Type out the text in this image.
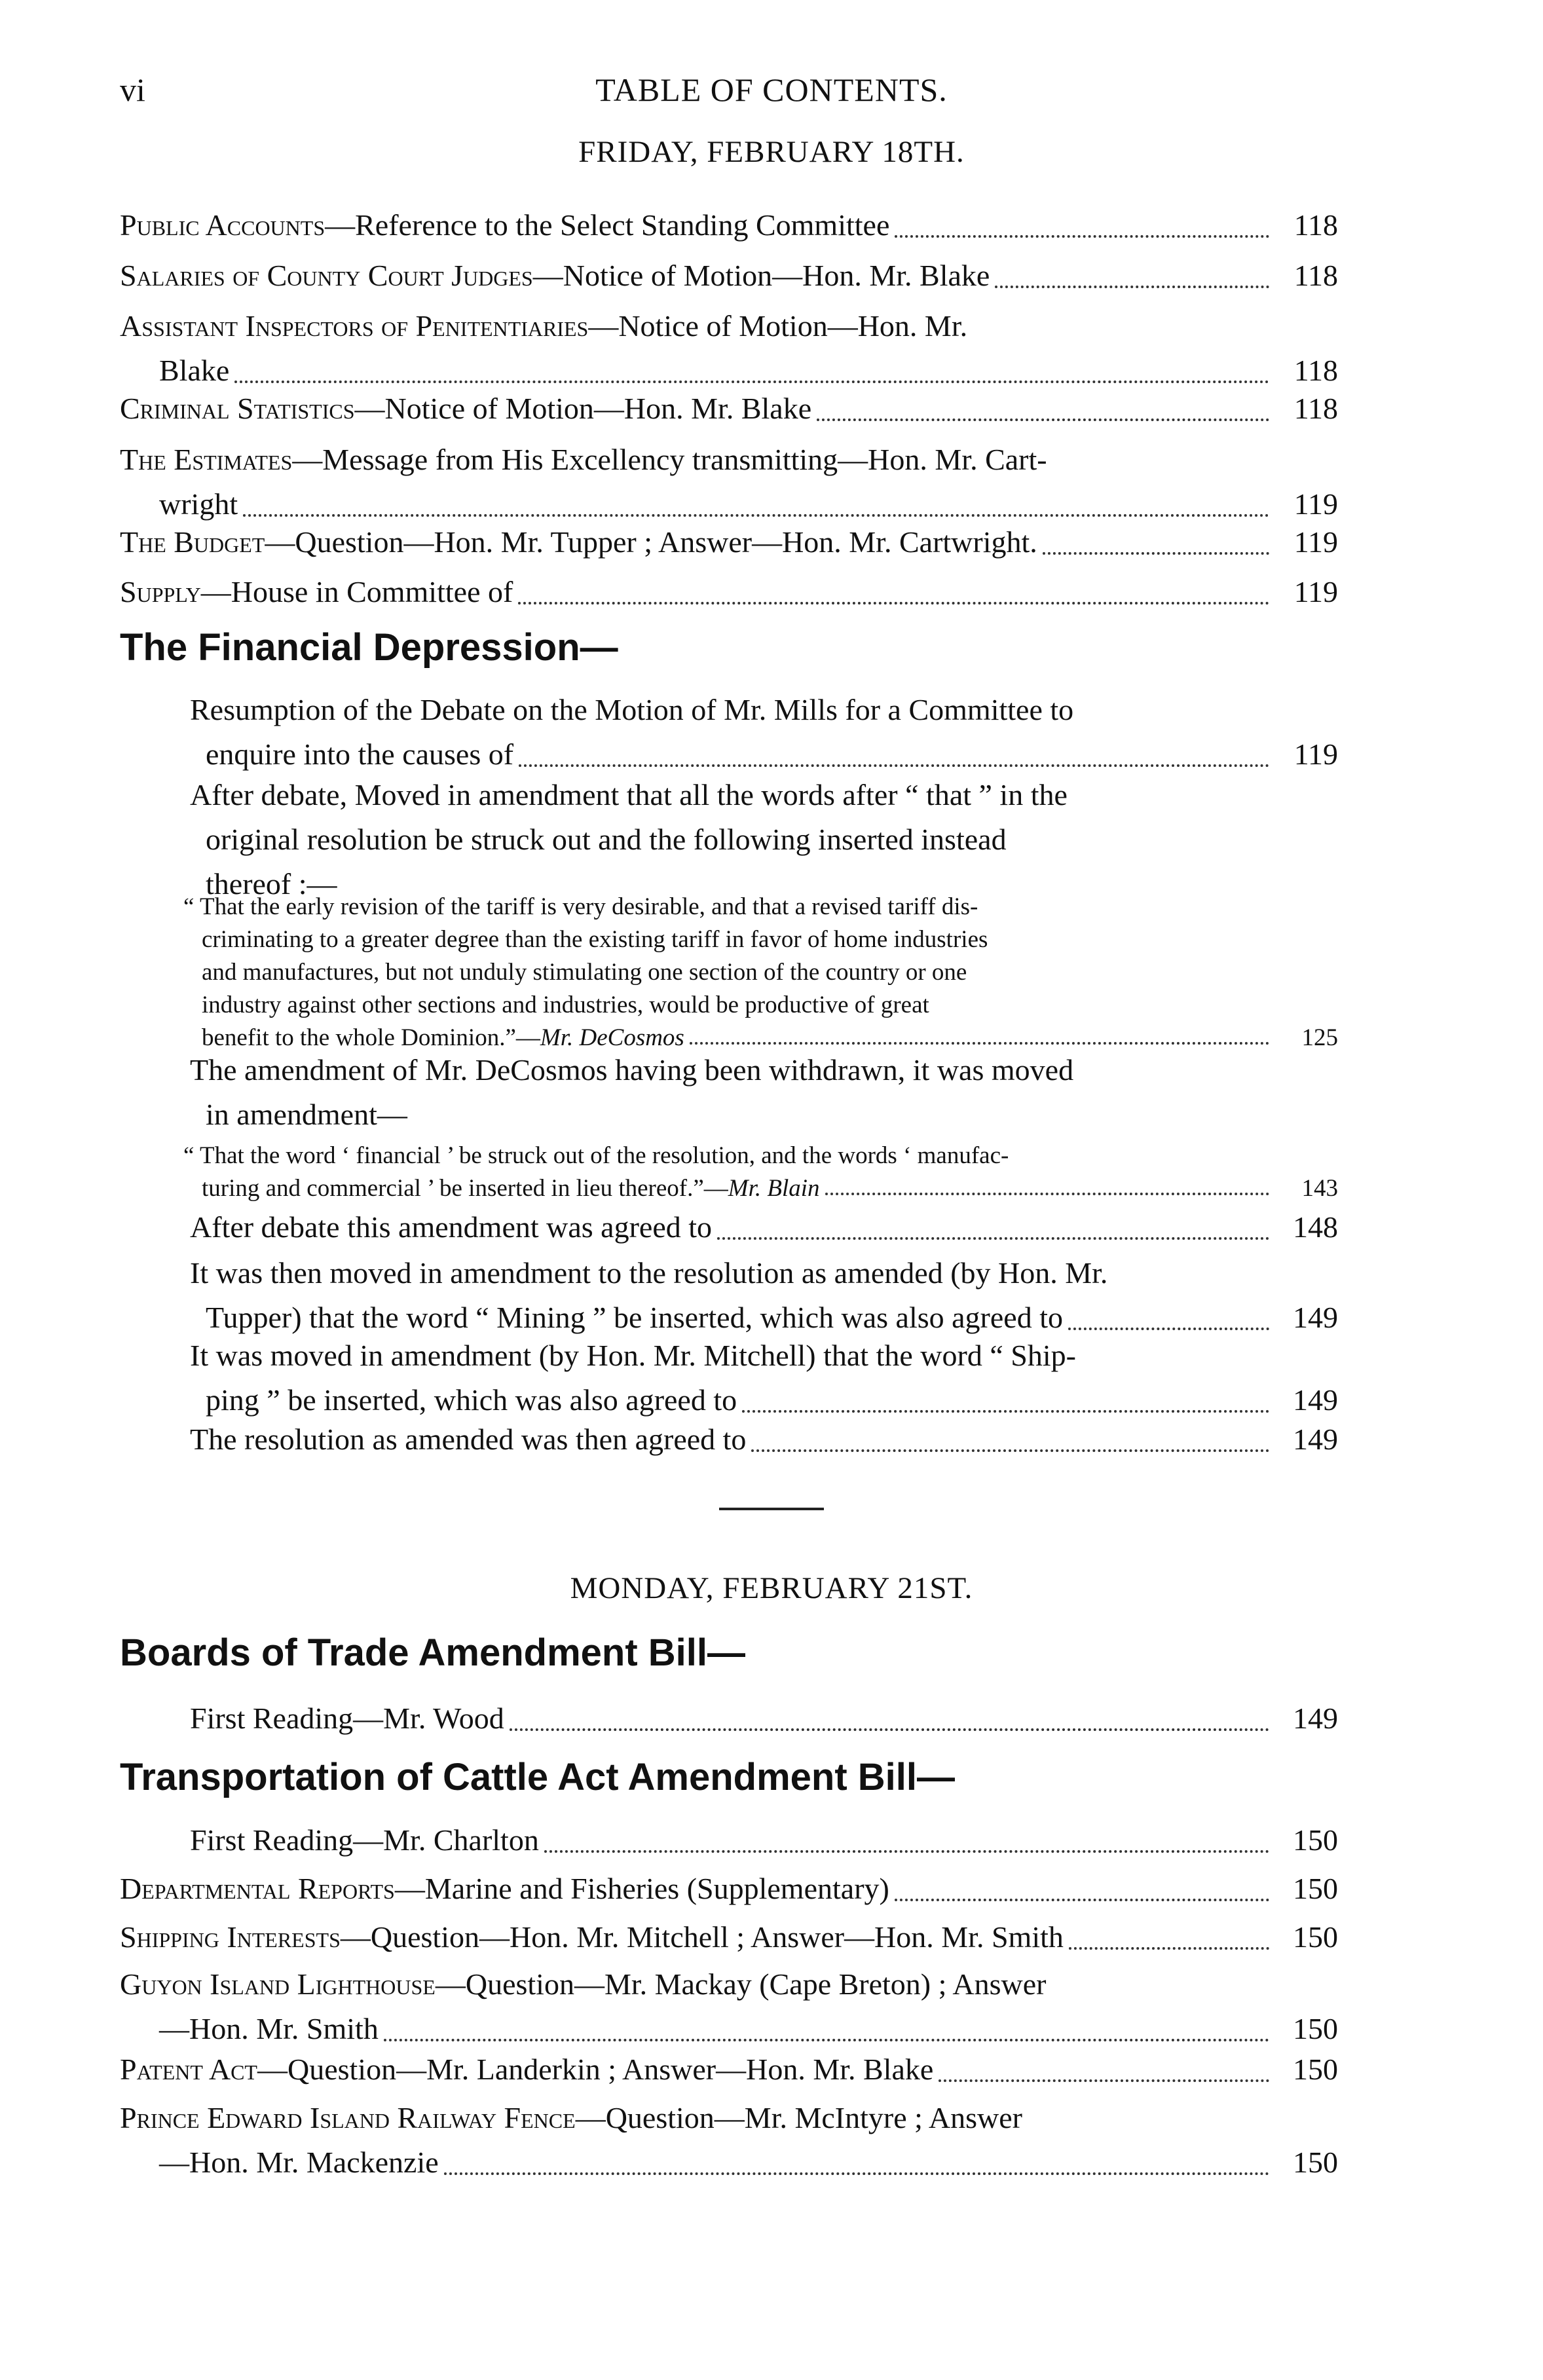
vi	TABLE OF CONTENTS.
FRIDAY, FEBRUARY 18TH.
Public Accounts—Reference to the Select Standing Committee	118
Salaries of County Court Judges—Notice of Motion—Hon. Mr. Blake	118
Assistant Inspectors of Penitentiaries—Notice of Motion—Hon. Mr.
Blake	118
Criminal Statistics—Notice of Motion—Hon. Mr. Blake	118
The Estimates—Message from His Excellency transmitting—Hon. Mr. Cart-
wright	119
The Budget—Question—Hon. Mr. Tupper ; Answer—Hon. Mr. Cartwright.	119
Supply—House in Committee of	119
The Financial Depression—
Resumption of the Debate on the Motion of Mr. Mills for a Committee to
enquire into the causes of	119
After debate, Moved in amendment that all the words after “ that ” in the
original resolution be struck out and the following inserted instead
thereof :—
“ That the early revision of the tariff is very desirable, and that a revised tariff dis-
criminating to a greater degree than the existing tariff in favor of home industries
and manufactures, but not unduly stimulating one section of the country or one
industry against other sections and industries, would be productive of great
benefit to the whole Dominion.”—Mr. DeCosmos	125
The amendment of Mr. DeCosmos having been withdrawn, it was moved
in amendment—
“ That the word ‘ financial ’ be struck out of the resolution, and the words ‘ manufac-
turing and commercial ’ be inserted in lieu thereof.”—Mr. Blain	143
After debate this amendment was agreed to	148
It was then moved in amendment to the resolution as amended (by Hon. Mr.
Tupper) that the word “ Mining ” be inserted, which was also agreed to	149
It was moved in amendment (by Hon. Mr. Mitchell) that the word “ Ship-
ping ” be inserted, which was also agreed to	149
The resolution as amended was then agreed to	149
MONDAY, FEBRUARY 21ST.
Boards of Trade Amendment Bill—
First Reading—Mr. Wood	149
Transportation of Cattle Act Amendment Bill—
First Reading—Mr. Charlton	150
Departmental Reports—Marine and Fisheries (Supplementary)	150
Shipping Interests—Question—Hon. Mr. Mitchell ; Answer—Hon. Mr. Smith	150
Guyon Island Lighthouse—Question—Mr. Mackay (Cape Breton) ; Answer
—Hon. Mr. Smith	150
Patent Act—Question—Mr. Landerkin ; Answer—Hon. Mr. Blake	150
Prince Edward Island Railway Fence—Question—Mr. McIntyre ; Answer
—Hon. Mr. Mackenzie	150
